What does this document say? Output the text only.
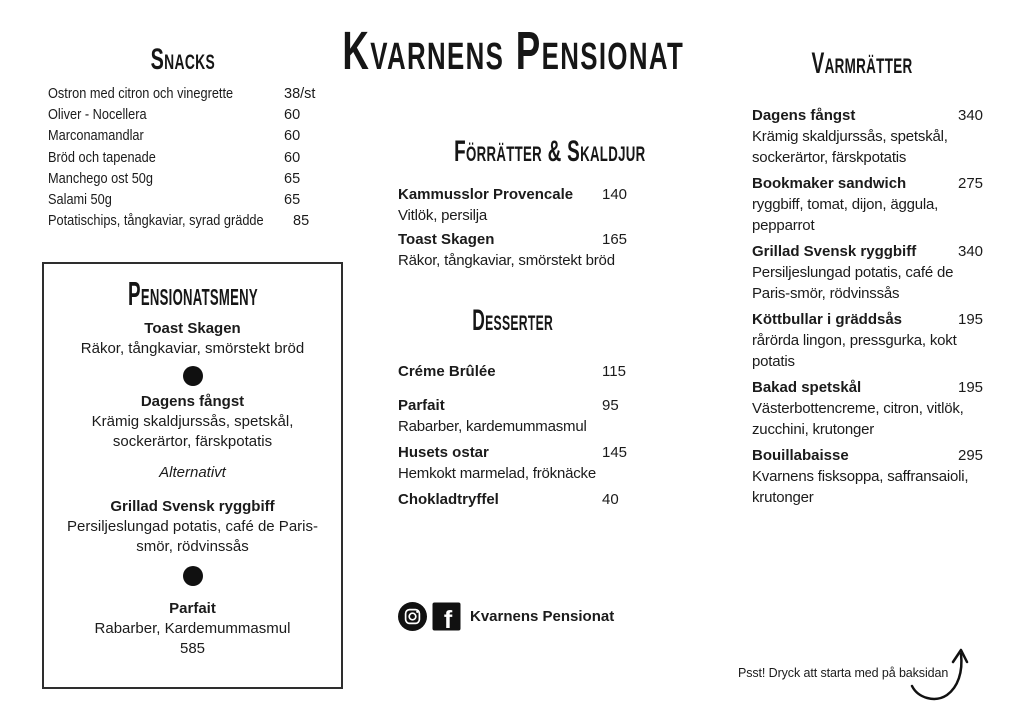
Kvarnens Pensionat
Snacks
Ostron med citron och vinegrette	38/st
Oliver - Nocellera	60
Marconamandlar	60
Bröd och tapenade	60
Manchego ost 50g	65
Salami 50g	65
Potatischips, tångkaviar, syrad grädde 85
Pensionatsmeny
Toast Skagen
Räkor, tångkaviar, smörstekt bröd
Dagens fångst
Krämig skaldjurssås, spetskål, sockerärtor, färskpotatis
Alternativt
Grillad Svensk ryggbiff
Persiljeslungad potatis, café de Paris-smör, rödvinssås
Parfait
Rabarber, Kardemummasmul
585
Förrätter & Skaldjur
Kammusslor Provencale	140
Vitlök, persilja
Toast Skagen	165
Räkor, tångkaviar, smörstekt bröd
Desserter
Créme Brûlée	115
Parfait	95
Rabarber, kardemummasmul
Husets ostar	145
Hemkokt marmelad, fröknäcke
Chokladtryffel	40
Varmrätter
Dagens fångst	340
Krämig skaldjurssås, spetskål, sockerärtor, färskpotatis
Bookmaker sandwich	275
ryggbiff, tomat, dijon, äggula, pepparrot
Grillad Svensk ryggbiff	340
Persiljeslungad potatis, café de Paris-smör, rödvinssås
Köttbullar i gräddsås	195
rårörda lingon, pressgurka, kokt potatis
Bakad spetskål	195
Västerbottencreme, citron, vitlök, zucchini, krutonger
Bouillabaisse	295
Kvarnens fisksoppa, saffransaioli, krutonger
f Kvarnens Pensionat
Psst! Dryck att starta med på baksidan
